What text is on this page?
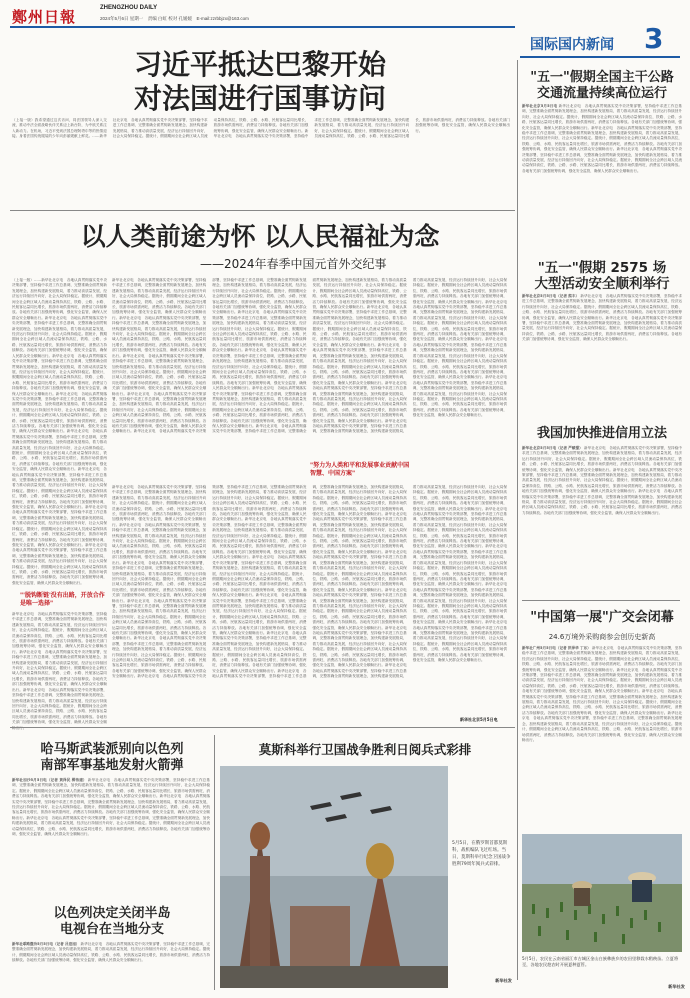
鄭州日報	ZHENGZHOU DAILY
2024年5月6日 星期一　责编 白虹 校对 孔媛媛　E-mail:zzrbbjzx@163.com
国际国内新闻 3
习近平抵达巴黎开始
对法国进行国事访问
（上接一版）我希望通过这次访问，同法国领导人深入交流，推动中法全面战略伙伴关系迈上新台阶，为中欧关系注入新动力。在机场，习近平受到法国总理阿塔尔等的热情迎接。身着法国传统服装的少年向彭丽媛献上鲜花。……新华社北京电　各地认真贯彻落实党中央决策部署，坚持稳中求进工作总基调，完整准确全面贯彻新发展理念，加快构建新发展格局，着力推动高质量发展，经济运行持续回升向好，社会大局保持稳定。据统计，假期期间全社会跨区域人员流动量保持高位，铁路、公路、水路、民航客运量同比增长，旅游市场供需两旺，消费活力持续释放。各地有关部门加强统筹协调，强化安全监管，确保人民群众安全顺畅出行。新华社北京电　各地认真贯彻落实党中央决策部署，坚持稳中求进工作总基调，完整准确全面贯彻新发展理念，加快构建新发展格局，着力推动高质量发展，经济运行持续回升向好，社会大局保持稳定。据统计，假期期间全社会跨区域人员流动量保持高位，铁路、公路、水路、民航客运量同比增长，旅游市场供需两旺，消费活力持续释放。各地有关部门加强统筹协调，强化安全监管，确保人民群众安全顺畅出行。
以人类前途为怀 以人民福祉为念
——2024年春季中国元首外交纪事
（上接一版）……新华社北京电　各地认真贯彻落实党中央决策部署，坚持稳中求进工作总基调，完整准确全面贯彻新发展理念，加快构建新发展格局，着力推动高质量发展，经济运行持续回升向好，社会大局保持稳定。据统计，假期期间全社会跨区域人员流动量保持高位，铁路、公路、水路、民航客运量同比增长，旅游市场供需两旺，消费活力持续释放。各地有关部门加强统筹协调，强化安全监管，确保人民群众安全顺畅出行。新华社北京电　各地认真贯彻落实党中央决策部署，坚持稳中求进工作总基调，完整准确全面贯彻新发展理念，加快构建新发展格局，着力推动高质量发展，经济运行持续回升向好，社会大局保持稳定。据统计，假期期间全社会跨区域人员流动量保持高位，铁路、公路、水路、民航客运量同比增长，旅游市场供需两旺，消费活力持续释放。各地有关部门加强统筹协调，强化安全监管，确保人民群众安全顺畅出行。新华社北京电　各地认真贯彻落实党中央决策部署，坚持稳中求进工作总基调，完整准确全面贯彻新发展理念，加快构建新发展格局，着力推动高质量发展，经济运行持续回升向好，社会大局保持稳定。据统计，假期期间全社会跨区域人员流动量保持高位，铁路、公路、水路、民航客运量同比增长，旅游市场供需两旺，消费活力持续释放。各地有关部门加强统筹协调，强化安全监管，确保人民群众安全顺畅出行。新华社北京电　各地认真贯彻落实党中央决策部署，坚持稳中求进工作总基调，完整准确全面贯彻新发展理念，加快构建新发展格局，着力推动高质量发展，经济运行持续回升向好，社会大局保持稳定。据统计，假期期间全社会跨区域人员流动量保持高位，铁路、公路、水路、民航客运量同比增长，旅游市场供需两旺，消费活力持续释放。各地有关部门加强统筹协调，强化安全监管，确保人民群众安全顺畅出行。新华社北京电　各地认真贯彻落实党中央决策部署，坚持稳中求进工作总基调，完整准确全面贯彻新发展理念，加快构建新发展格局，着力推动高质量发展，经济运行持续回升向好，社会大局保持稳定。据统计，假期期间全社会跨区域人员流动量保持高位，铁路、公路、水路、民航客运量同比增长，旅游市场供需两旺，消费活力持续释放。各地有关部门加强统筹协调，强化安全监管，确保人民群众安全顺畅出行。新华社北京电　各地认真贯彻落实党中央决策部署，坚持稳中求进工作总基调，完整准确全面贯彻新发展理念，加快构建新发展格局，着力推动高质量发展，经济运行持续回升向好，社会大局保持稳定。据统计，假期期间全社会跨区域人员流动量保持高位，铁路、公路、水路、民航客运量同比增长，旅游市场供需两旺，消费活力持续释放。各地有关部门加强统筹协调，强化安全监管，确保人民群众安全顺畅出行。新华社北京电　各地认真贯彻落实党中央决策部署，坚持稳中求进工作总基调，完整准确全面贯彻新发展理念，加快构建新发展格局，着力推动高质量发展，经济运行持续回升向好，社会大局保持稳定。据统计，假期期间全社会跨区域人员流动量保持高位，铁路、公路、水路、民航客运量同比增长，旅游市场供需两旺，消费活力持续释放。各地有关部门加强统筹协调，强化安全监管，确保人民群众安全顺畅出行。新华社北京电　各地认真贯彻落实党中央决策部署，坚持稳中求进工作总基调，完整准确全面贯彻新发展理念，加快构建新发展格局，着力推动高质量发展，经济运行持续回升向好，社会大局保持稳定。据统计，假期期间全社会跨区域人员流动量保持高位，铁路、公路、水路、民航客运量同比增长，旅游市场供需两旺，消费活力持续释放。各地有关部门加强统筹协调，强化安全监管，确保人民群众安全顺畅出行。
"'脱钩断链'没有出路，开放合作是唯一选择"
新华社北京电　各地认真贯彻落实党中央决策部署，坚持稳中求进工作总基调，完整准确全面贯彻新发展理念，加快构建新发展格局，着力推动高质量发展，经济运行持续回升向好，社会大局保持稳定。据统计，假期期间全社会跨区域人员流动量保持高位，铁路、公路、水路、民航客运量同比增长，旅游市场供需两旺，消费活力持续释放。各地有关部门加强统筹协调，强化安全监管，确保人民群众安全顺畅出行。新华社北京电　各地认真贯彻落实党中央决策部署，坚持稳中求进工作总基调，完整准确全面贯彻新发展理念，加快构建新发展格局，着力推动高质量发展，经济运行持续回升向好，社会大局保持稳定。据统计，假期期间全社会跨区域人员流动量保持高位，铁路、公路、水路、民航客运量同比增长，旅游市场供需两旺，消费活力持续释放。各地有关部门加强统筹协调，强化安全监管，确保人民群众安全顺畅出行。新华社北京电　各地认真贯彻落实党中央决策部署，坚持稳中求进工作总基调，完整准确全面贯彻新发展理念，加快构建新发展格局，着力推动高质量发展，经济运行持续回升向好，社会大局保持稳定。据统计，假期期间全社会跨区域人员流动量保持高位，铁路、公路、水路、民航客运量同比增长，旅游市场供需两旺，消费活力持续释放。各地有关部门加强统筹协调，强化安全监管，确保人民群众安全顺
新华社北京电　各地认真贯彻落实党中央决策部署，坚持稳中求进工作总基调，完整准确全面贯彻新发展理念，加快构建新发展格局，着力推动高质量发展，经济运行持续回升向好，社会大局保持稳定。据统计，假期期间全社会跨区域人员流动量保持高位，铁路、公路、水路、民航客运量同比增长，旅游市场供需两旺，消费活力持续释放。各地有关部门加强统筹协调，强化安全监管，确保人民群众安全顺畅出行。新华社北京电　各地认真贯彻落实党中央决策部署，坚持稳中求进工作总基调，完整准确全面贯彻新发展理念，加快构建新发展格局，着力推动高质量发展，经济运行持续回升向好，社会大局保持稳定。据统计，假期期间全社会跨区域人员流动量保持高位，铁路、公路、水路、民航客运量同比增长，旅游市场供需两旺，消费活力持续释放。各地有关部门加强统筹协调，强化安全监管，确保人民群众安全顺畅出行。新华社北京电　各地认真贯彻落实党中央决策部署，坚持稳中求进工作总基调，完整准确全面贯彻新发展理念，加快构建新发展格局，着力推动高质量发展，经济运行持续回升向好，社会大局保持稳定。据统计，假期期间全社会跨区域人员流动量保持高位，铁路、公路、水路、民航客运量同比增长，旅游市场供需两旺，消费活力持续释放。各地有关部门加强统筹协调，强化安全监管，确保人民群众安全顺畅出行。新华社北京电　各地认真贯彻落实党中央决策部署，坚持稳中求进工作总基调，完整准确全面贯彻新发展理念，加快构建新发展格局，着力推动高质量发展，经济运行持续回升向好，社会大局保持稳定。据统计，假期期间全社会跨区域人员流动量保持高位，铁路、公路、水路、民航客运量同比增长，旅游市场供需两旺，消费活力持续释放。各地有关部门加强统筹协调，强化安全监管，确保人民群众安全顺畅出行。新华社北京电　各地认真贯彻落实党中央决策部署，坚持稳中求进工作总基调，完整准确全面贯彻新发展理念，加快构建新发展格局，着力推动高质量发展，经济运行持续回升向好，社会大局保持稳定。据统计，假期期间全社会跨区域人员流动量保持高位，铁路、公路、水路、民航客运量同比增长，旅游市场供需两旺，消费活力持续释放。各地有关部门加强统筹协调，强化安全监管，确保人民群众安全顺畅出行。新华社北京电　各地认真贯彻落实党中央决策部署，坚持稳中求进工作总基调，完整准确全面贯彻新发展理念，加快构建新发展格局，着力推动高质量发展，经济运行持续回升向好，社会大局保持稳定。据统计，假期期间全社会跨区域人员流动量保持高位，铁路、公路、水路、民航客运量同比增长，旅游市场供需两旺，消费活力持续释放。各地有关部门加强统筹协调，强化安全监管，确保人民群众安全顺畅出行。新华社北京电　各地认真贯彻落实党中央决策部署，坚持稳中求进工作总基调，完整准确全面贯彻新发展理念，加快构建新发展格局，着力推动高质量发展，经济运行持续回升向好，社会大局保持稳定。据统计，假期期间全社会跨区域人员流动量保持高位，铁路、公路、水路、民航客运量同比增长，旅游市场供需两旺，消费活力持续释放。各地有关部门加强统筹协调，强化安全监管，确保人民群众安全顺畅出行。新华社北京电　各地认真贯彻落实党中央决策部署，坚持稳中求进工作总基调，完整准确全面贯彻新发展理念，加快构建新发展格局，着力推动高质量发展，经济运行持续回升向好，社会大局保持稳定。据统计，假期期间全社会跨区域人员流动量保持高位，铁路、公路、水路、民航客运量同比增长，旅游市场供需两旺，消费活力持续释放。各地有关部门加强统筹协调，强化安全监管，确保人民群众安全顺畅出行。新华社北京电　各地认真贯彻落实党中央决策部署，坚持稳中求进工作总基调，完整准确全面贯彻新发展理念，加快构建新发展格局，着力推动高质量发展，经济运行持续回升向好，社会大局保持稳定。据统计，假期期间全社会跨区域人员流动量保持高位，铁路、公路、水路、民航客运量同比增长，旅游市场供需两旺，消费活力持续释放。各地有关部门加强统筹协调，强化安全监管，确保人民群众安全顺畅出行。新华社北京电　各地认真贯彻落实党中央决策部署，坚持稳中求进工作总基调，完整准确全面贯彻新发展理念，加快构建新发展格局，着力推动高质量发展，经济运行持续回升向好，社会大局保持稳定。据统计，假期期间全社会跨区域人员流动量保持高位，铁路、公路、水路、民航客运量同比增长，旅游市场供需两旺，消费活力持续释放。各地有关部门加强统筹协调，强化安全监管，确保人民群众安全顺畅出行。新华社北京电　各地认真贯彻落实党中央决策部署，坚持稳中求进工作总基调，完整准确全面贯彻新发展理念，加快构建新发展格局，着力推动高质量发展，经济运行持续回升向好，社会大局保持稳定。据统计，假期期间全社会跨区域人员流动量保持高位，铁路、公路、水路、民航客运量同比增长，旅游市场供需两旺，消费活力持续释放。各地有关部门加强统筹协调，强化安全监管，确保人民群众安全顺畅出行。新华社北京电　各地认真贯彻落实党中央决策部署，坚持稳中求进工作总基调，完整准确全面贯彻新发展理念，加快构建新发展格局，着力推动高质量发展，经济运行持续回升向好，社会大局保持稳定。据统计，假期期间全社会跨区域人员流动量保持高位，铁路、公路、水路、民航客运量同比增长，旅游市场供需两旺，消费活力持续释放。各地有关部门加强统筹协调，强化安全监管，确保人民群众安全顺畅出行。新华社北京电　各地认真贯彻落实党中央决策部署，坚持稳中求进工作总基调，完整准确全面贯彻新发展理念，加快构建新发展格局，着力推动高质量发展，经济运行持续回升向好，社会大局保持稳定。据统计，假期期间全社会跨区域人员流动量保持高位，铁路、公路、水路、民航客运量同比增长，旅游市场供需两旺，消费活力持续释放。各地有关部门加强统筹协调，强化安全监管，确保人民群众安全顺畅出行。新华社北京电　各地认真贯彻落实党中央决策部署，坚持稳中求进工作总基调，完整准确全面贯彻新发展理念，加快构建新发展格局，着力推动高质量发展，经济运行持续回升向好，社会大局保持稳定。据统计，假期期间全社会跨区域人员流动量保持高位，铁路、公路、水路、民航客运量同比增长，旅游市场供需两旺，消费活力持续释放。各地有关部门加强统筹协调，强化安全监管，确保人民群众安全顺畅出行。新华社北京电　各地认真贯彻落实党中央决策部署，坚持稳中求进工作总基调，完整准确全面贯彻新发展理念，加快构建新发展格局，着力推动高质量发展，经济运行持续回升向好，社会大局保持稳定。据统计，假期期间全社会跨区域人员流动量保持高位，铁路、公路、水路、民航客运量同比增长，旅游市场供需两旺，消费活力持续释放。各地有关部门加强统筹协调，强化安全监管，确保人民群众安全顺畅出行。新华社北京电　各地认真贯彻落实党中央决策部署，坚持稳中求进工作总基调，完整准确全面贯彻新发展理念，加快构建新发展格局，着力推动高质量发展，经济运行持续回升向好，社会大局保持稳定。据统计，假期期间全社会跨区域人员流动量保持高位，铁路、公路、水路、民航客运量同比增长，旅游市场供需两旺，消费活力持续释放。各地有关部门加强统筹协调，强化安全监管，确保人民群众安全顺畅出行。
"努力为人类和平和发展事业贡献中国智慧、中国方案"
新华社北京电　各地认真贯彻落实党中央决策部署，坚持稳中求进工作总基调，完整准确全面贯彻新发展理念，加快构建新发展格局，着力推动高质量发展，经济运行持续回升向好，社会大局保持稳定。据统计，假期期间全社会跨区域人员流动量保持高位，铁路、公路、水路、民航客运量同比增长，旅游市场供需两旺，消费活力持续释放。各地有关部门加强统筹协调，强化安全监管，确保人民群众安全顺畅出行。新华社北京电　各地认真贯彻落实党中央决策部署，坚持稳中求进工作总基调，完整准确全面贯彻新发展理念，加快构建新发展格局，着力推动高质量发展，经济运行持续回升向好，社会大局保持稳定。据统计，假期期间全社会跨区域人员流动量保持高位，铁路、公路、水路、民航客运量同比增长，旅游市场供需两旺，消费活力持续释放。各地有关部门加强统筹协调，强化安全监管，确保人民群众安全顺畅出行。新华社北京电　各地认真贯彻落实党中央决策部署，坚持稳中求进工作总基调，完整准确全面贯彻新发展理念，加快构建新发展格局，着力推动高质量发展，经济运行持续回升向好，社会大局保持稳定。据统计，假期期间全社会跨区域人员流动量保持高位，铁路、公路、水路、民航客运量同比增长，旅游市场供需两旺，消费活力持续释放。各地有关部门加强统筹协调，强化安全监管，确保人民群众安全顺畅出行。新华社北京电　各地认真贯彻落实党中央决策部署，坚持稳中求进工作总基调，完整准确全面贯彻新发展理念，加快构建新发展格局，着力推动高质量发展，经济运行持续回升向好，社会大局保持稳定。据统计，假期期间全社会跨区域人员流动量保持高位，铁路、公路、水路、民航客运量同比增长，旅游市场供需两旺，消费活力持续释放。各地有关部门加强统筹协调，强化安全监管，确保人民群众安全顺畅出行。新华社北京电　各地认真贯彻落实党中央决策部署，坚持稳中求进工作总基调，完整准确全面贯彻新发展理念，加快构建新发展格局，着力推动高质量发展，经济运行持续回升向好，社会大局保持稳定。据统计，假期期间全社会跨区域人员流动量保持高位，铁路、公路、水路、民航客运量同比增长，旅游市场供需两旺，消费活力持续释放。各地有关部门加强统筹协调，强化安全监管，确保人民群众安全顺畅出行。新华社北京电　各地认真贯彻落实党中央决策部署，坚持稳中求进工作总基调，完整准确全面贯彻新发展理念，加快构建新发展格局，着力推动高质量发展，经济运行持续回升向好，社会大局保持稳定。据统计，假期期间全社会跨区域人员流动量保持高位，铁路、公路、水路、民航客运量同比增长，旅游市场供需两旺，消费活力持续释放。各地有关部门加强统筹协调，强化安全监管，确保人民群众安全顺畅出行。新华社北京电　各地认真贯彻落实党中央决策部署，坚持稳中求进工作总基调，完整准确全面贯彻新发展理念，加快构建新发展格局，着力推动高质量发展，经济运行持续回升向好，社会大局保持稳定。据统计，假期期间全社会跨区域人员流动量保持高位，铁路、公路、水路、民航客运量同比增长，旅游市场供需两旺，消费活力持续释放。各地有关部门加强统筹协调，强化安全监管，确保人民群众安全顺畅出行。新华社北京电　各地认真贯彻落实党中央决策部署，坚持稳中求进工作总基调，完整准确全面贯彻新发展理念，加快构建新发展格局，着力推动高质量发展，经济运行持续回升向好，社会大局保持稳定。据统计，假期期间全社会跨区域人员流动量保持高位，铁路、公路、水路、民航客运量同比增长，旅游市场供需两旺，消费活力持续释放。各地有关部门加强统筹协调，强化安全监管，确保人民群众安全顺畅出行。新华社北京电　各地认真贯彻落实党中央决策部署，坚持稳中求进工作总基调，完整准确全面贯彻新发展理念，加快构建新发展格局，着力推动高质量发展，经济运行持续回升向好，社会大局保持稳定。据统计，假期期间全社会跨区域人员流动量保持高位，铁路、公路、水路、民航客运量同比增长，旅游市场供需两旺，消费活力持续释放。各地有关部门加强统筹协调，强化安全监管，确保人民群众安全顺畅出行。新华社北京电　各地认真贯彻落实党中央决策部署，坚持稳中求进工作总基调，完整准确全面贯彻新发展理念，加快构建新发展格局，着力推动高质量发展，经济运行持续回升向好，社会大局保持稳定。据统计，假期期间全社会跨区域人员流动量保持高位，铁路、公路、水路、民航客运量同比增长，旅游市场供需两旺，消费活力持续释放。各地有关部门加强统筹协调，强化安全监管，确保人民群众安全顺畅出行。新华社北京电　各地认真贯彻落实党中央决策部署，坚持稳中求进工作总基调，完整准确全面贯彻新发展理念，加快构建新发展格局，着力推动高质量发展，经济运行持续回升向好，社会大局保持稳定。据统计，假期期间全社会跨区域人员流动量保持高位，铁路、公路、水路、民航客运量同比增长，旅游市场供需两旺，消费活力持续释放。各地有关部门加强统筹协调，强化安全监管，确保人民群众安全顺畅出行。新华社北京电　各地认真贯彻落实党中央决策部署，坚持稳中求进工作总基调，完整准确全面贯彻新发展理念，加快构建新发展格局，着力推动高质量发展，经济运行持续回升向好，社会大局保持稳定。据统计，假期期间全社会跨区域人员流动量保持高位，铁路、公路、水路、民航客运量同比增长，旅游市场供需两旺，消费活力持续释放。各地有关部门加强统筹协调，强化安全监管，确保人民群众安全顺畅出行。新华社北京电　各地认真贯彻落实党中央决策部署，坚持稳中求进工作总基调，完整准确全面贯彻新发展理念，加快构建新发展格局，着力推动高质量发展，经济运行持续回升向好，社会大局保持稳定。据统计，假期期间全社会跨区域人员流动量保持高位，铁路、公路、水路、民航客运量同比增长，旅游市场供需两旺，消费活力持续释放。各地有关部门加强统筹协调，强化安全监管，确保人民群众安全顺畅出行。新华社北京电　各地认真贯彻落实党中央决策部署，坚持稳中求进工作总基调，完整准确全面贯彻新发展理念，加快构建新发展格局，着力推动高质量发展，经济运行持续回升向好，社会大局保持稳定。据统计，假期期间全社会跨区域人员流动量保持高位，铁路、公路、水路、民航客运量同比增长，旅游市场供需两旺，消费活力持续释放。各地有关部门加强统筹协调，强化安全监管，确保人民群众安全顺畅出行。新华社北京电　各地认真贯彻落实党中央决策部署，坚持稳中求进工作总基调，完整准确全面贯彻新发展理念，加快构建新发展格局，着力推动高质量发展，经济运行持续回升向好，社会大局保持稳定。据统计，假期期间全社会跨区域人员流动量保持高位，铁路、公路、水路、民航客运量同比增长，旅游市场供需两旺，消费活力持续释放。各地有关部门加强统筹协调，强化安全监管，确保人民群众安全顺畅出行。新华社北京电　各地认真贯彻落实党中央决策部署，坚持稳中求进工作总基调，完整准确全面贯彻新发展理念，加快构建新发展格局，着力推动高质量发展，经济运行持续回升向好，社会大局保持稳定。据统计，假期期间全社会跨区域人员流动量保持高位，铁路、公路、水路、民航客运量同比增长，旅游市场供需两旺，消费活力持续释放。各地有关部门加强统筹协调，强化安全监管，确保人民群众安全顺畅出行。新华社北京电　各地认真贯彻落实党中央决策部署，坚持稳中求进工作总基调，完整准确全面贯彻新发展理念，加快构建新发展格局，着力推动高质量发展，经济运行持续回升向好，社会大局保持稳定。据统计，假期期间全社会跨区域人员流动量保持高位，铁路、公路、水路、民航客运量同比增长，旅游市场供需两旺，消费活力持续释放。各地有关部门加强统筹协调，强化安全监管，确保人民群众安全顺畅出行。新华社北京电　各地认真贯彻落实党中央决策部署，坚持稳中求进工作总基调，完整准确全面贯彻新发展理念，加快构建新发展格局，着力推动高质量发展，经济运行持续回升向好，社会大局保持稳定。据统计，假期期间全社会跨区域人员流动量保持高位，铁路、公路、水路、民航客运量同比增长，旅游市场供需两旺，消费活力持续释放。各地有关部门加强统筹协调，强化安全监管，确保人民群众安全顺畅出行。新华社北京电　各地认真贯彻落实党中央决策部署，坚持稳中求进工作总基调，完整准确全面贯彻新发展理念，加快构建新发展格局，着力推动高质量发展，经济运行持续回升向好，社会大局保持稳定。据统计，假期期间全社会跨区域人员流动量保持高位，铁路、公路、水路、民航客运量同比增长，旅游市场供需两旺，消费活力持续释放。各地有关部门加强统筹协调，强化安全监管，确保人民群众安全顺畅出行。新华社北京电　各地认真贯彻落实党中央决策部署，坚持稳中求进工作总基调，完整准确全面贯彻新发展理念，加快构建新发展格局，着力推动高质量发展，经济运行持续回升向好，社会大局保持稳定。据统计，假期期间全社会跨区域人员流动量保持高位，铁路、公路、水路、民航客运量同比增长，旅游市场供需两旺，消费活力持续释放。各地有关部门加强统筹协调，强化安全监管，确保人民群众安全顺畅出行。
新华社北京5月5日电
"五一"假期全国主干公路
交通流量持续高位运行
新华社北京5月5日电 新华社北京电　各地认真贯彻落实党中央决策部署，坚持稳中求进工作总基调，完整准确全面贯彻新发展理念，加快构建新发展格局，着力推动高质量发展，经济运行持续回升向好，社会大局保持稳定。据统计，假期期间全社会跨区域人员流动量保持高位，铁路、公路、水路、民航客运量同比增长，旅游市场供需两旺，消费活力持续释放。各地有关部门加强统筹协调，强化安全监管，确保人民群众安全顺畅出行。新华社北京电　各地认真贯彻落实党中央决策部署，坚持稳中求进工作总基调，完整准确全面贯彻新发展理念，加快构建新发展格局，着力推动高质量发展，经济运行持续回升向好，社会大局保持稳定。据统计，假期期间全社会跨区域人员流动量保持高位，铁路、公路、水路、民航客运量同比增长，旅游市场供需两旺，消费活力持续释放。各地有关部门加强统筹协调，强化安全监管，确保人民群众安全顺畅出行。新华社北京电　各地认真贯彻落实党中央决策部署，坚持稳中求进工作总基调，完整准确全面贯彻新发展理念，加快构建新发展格局，着力推动高质量发展，经济运行持续回升向好，社会大局保持稳定。据统计，假期期间全社会跨区域人员流动量保持高位，铁路、公路、水路、民航客运量同比增长，旅游市场供需两旺，消费活力持续释放。各地有关部门加强统筹协调，强化安全监管，确保人民群众安全顺畅出行。
"五一"假期 2575 场
大型活动安全顺利举行
新华社北京5月5日电（记者 熊丰） 新华社北京电　各地认真贯彻落实党中央决策部署，坚持稳中求进工作总基调，完整准确全面贯彻新发展理念，加快构建新发展格局，着力推动高质量发展，经济运行持续回升向好，社会大局保持稳定。据统计，假期期间全社会跨区域人员流动量保持高位，铁路、公路、水路、民航客运量同比增长，旅游市场供需两旺，消费活力持续释放。各地有关部门加强统筹协调，强化安全监管，确保人民群众安全顺畅出行。新华社北京电　各地认真贯彻落实党中央决策部署，坚持稳中求进工作总基调，完整准确全面贯彻新发展理念，加快构建新发展格局，着力推动高质量发展，经济运行持续回升向好，社会大局保持稳定。据统计，假期期间全社会跨区域人员流动量保持高位，铁路、公路、水路、民航客运量同比增长，旅游市场供需两旺，消费活力持续释放。各地有关部门加强统筹协调，强化安全监管，确保人民群众安全顺畅出行。
我国加快推进信用立法
新华社北京5月5日电（记者 严赋憬） 新华社北京电　各地认真贯彻落实党中央决策部署，坚持稳中求进工作总基调，完整准确全面贯彻新发展理念，加快构建新发展格局，着力推动高质量发展，经济运行持续回升向好，社会大局保持稳定。据统计，假期期间全社会跨区域人员流动量保持高位，铁路、公路、水路、民航客运量同比增长，旅游市场供需两旺，消费活力持续释放。各地有关部门加强统筹协调，强化安全监管，确保人民群众安全顺畅出行。新华社北京电　各地认真贯彻落实党中央决策部署，坚持稳中求进工作总基调，完整准确全面贯彻新发展理念，加快构建新发展格局，着力推动高质量发展，经济运行持续回升向好，社会大局保持稳定。据统计，假期期间全社会跨区域人员流动量保持高位，铁路、公路、水路、民航客运量同比增长，旅游市场供需两旺，消费活力持续释放。各地有关部门加强统筹协调，强化安全监管，确保人民群众安全顺畅出行。新华社北京电　各地认真贯彻落实党中央决策部署，坚持稳中求进工作总基调，完整准确全面贯彻新发展理念，加快构建新发展格局，着力推动高质量发展，经济运行持续回升向好，社会大局保持稳定。据统计，假期期间全社会跨区域人员流动量保持高位，铁路、公路、水路、民航客运量同比增长，旅游市场供需两旺，消费活力持续释放。各地有关部门加强统筹协调，强化安全监管，确保人民群众安全顺畅出行。
"中国第一展"广交会闭幕
24.6万境外采购商参会创历史新高
新华社广州5月5日电（记者 洪泽华 丁乐） 新华社北京电　各地认真贯彻落实党中央决策部署，坚持稳中求进工作总基调，完整准确全面贯彻新发展理念，加快构建新发展格局，着力推动高质量发展，经济运行持续回升向好，社会大局保持稳定。据统计，假期期间全社会跨区域人员流动量保持高位，铁路、公路、水路、民航客运量同比增长，旅游市场供需两旺，消费活力持续释放。各地有关部门加强统筹协调，强化安全监管，确保人民群众安全顺畅出行。新华社北京电　各地认真贯彻落实党中央决策部署，坚持稳中求进工作总基调，完整准确全面贯彻新发展理念，加快构建新发展格局，着力推动高质量发展，经济运行持续回升向好，社会大局保持稳定。据统计，假期期间全社会跨区域人员流动量保持高位，铁路、公路、水路、民航客运量同比增长，旅游市场供需两旺，消费活力持续释放。各地有关部门加强统筹协调，强化安全监管，确保人民群众安全顺畅出行。新华社北京电　各地认真贯彻落实党中央决策部署，坚持稳中求进工作总基调，完整准确全面贯彻新发展理念，加快构建新发展格局，着力推动高质量发展，经济运行持续回升向好，社会大局保持稳定。据统计，假期期间全社会跨区域人员流动量保持高位，铁路、公路、水路、民航客运量同比增长，旅游市场供需两旺，消费活力持续释放。各地有关部门加强统筹协调，强化安全监管，确保人民群众安全顺畅出行。新华社北京电　各地认真贯彻落实党中央决策部署，坚持稳中求进工作总基调，完整准确全面贯彻新发展理念，加快构建新发展格局，着力推动高质量发展，经济运行持续回升向好，社会大局保持稳定。据统计，假期期间全社会跨区域人员流动量保持高位，铁路、公路、水路、民航客运量同比增长，旅游市场供需两旺，消费活力持续释放。各地有关部门加强统筹协调，强化安全监管，确保人民群众安全顺畅出行。
5月5日，农民在云南省丽江市古城区金山白族彝族乡的农田里移栽水稻秧苗。立夏将至，各地农民趁农时开展夏种夏管。
新华社发
哈马斯武装派别向以色列
南部军事基地发射火箭弹
新华社加沙5月5日电（记者 黄泽民 柳伟建） 新华社北京电　各地认真贯彻落实党中央决策部署，坚持稳中求进工作总基调，完整准确全面贯彻新发展理念，加快构建新发展格局，着力推动高质量发展，经济运行持续回升向好，社会大局保持稳定。据统计，假期期间全社会跨区域人员流动量保持高位，铁路、公路、水路、民航客运量同比增长，旅游市场供需两旺，消费活力持续释放。各地有关部门加强统筹协调，强化安全监管，确保人民群众安全顺畅出行。新华社北京电　各地认真贯彻落实党中央决策部署，坚持稳中求进工作总基调，完整准确全面贯彻新发展理念，加快构建新发展格局，着力推动高质量发展，经济运行持续回升向好，社会大局保持稳定。据统计，假期期间全社会跨区域人员流动量保持高位，铁路、公路、水路、民航客运量同比增长，旅游市场供需两旺，消费活力持续释放。各地有关部门加强统筹协调，强化安全监管，确保人民群众安全顺畅出行。新华社北京电　各地认真贯彻落实党中央决策部署，坚持稳中求进工作总基调，完整准确全面贯彻新发展理念，加快构建新发展格局，着力推动高质量发展，经济运行持续回升向好，社会大局保持稳定。据统计，假期期间全社会跨区域人员流动量保持高位，铁路、公路、水路、民航客运量同比增长，旅游市场供需两旺，消费活力持续释放。各地有关部门加强统筹协调，强化安全监管，确保人民群众安全顺畅出行。
以色列决定关闭半岛
电视台在当地分支
新华社耶路撒冷5月5日电（记者 吕迎旭） 新华社北京电　各地认真贯彻落实党中央决策部署，坚持稳中求进工作总基调，完整准确全面贯彻新发展理念，加快构建新发展格局，着力推动高质量发展，经济运行持续回升向好，社会大局保持稳定。据统计，假期期间全社会跨区域人员流动量保持高位，铁路、公路、水路、民航客运量同比增长，旅游市场供需两旺，消费活力持续释放。各地有关部门加强统筹协调，强化安全监管，确保人民群众安全顺畅出行。
莫斯科举行卫国战争胜利日阅兵式彩排
5月5日，在俄罗斯首都莫斯科，战机编队飞过红场。当日，莫斯科举行纪念卫国战争胜利79周年阅兵式彩排。
新华社发
